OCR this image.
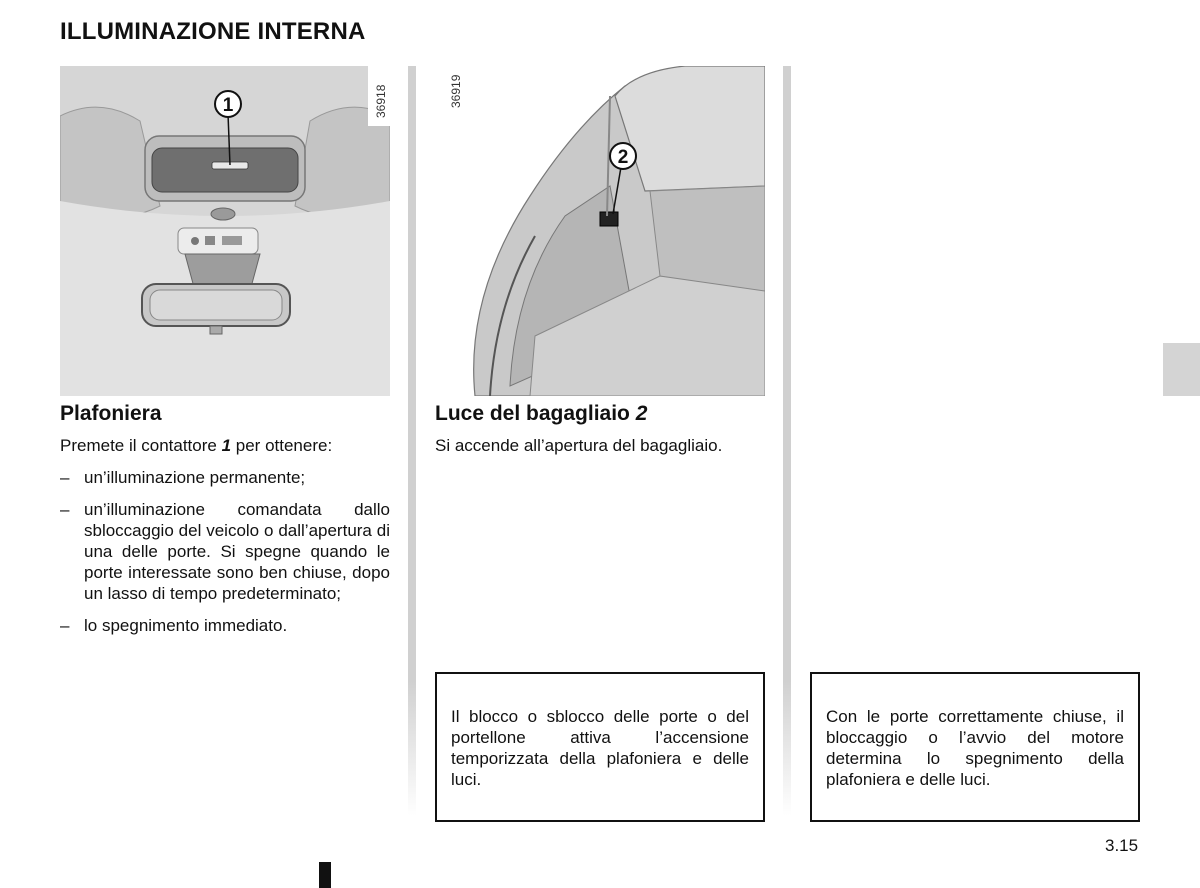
ILLUMINAZIONE INTERNA
36918
1	36919
2
Plafoniera

Premete il contattore 1 per ottenere:

– un’illuminazione permanente;
– un’illuminazione comandata dallo sbloccaggio del veicolo o dall’apertura di una delle porte. Si spegne quando le porte interessate sono ben chiuse, dopo un lasso di tempo predeterminato;
– lo spegnimento immediato.
Luce del bagagliaio 2
Si accende all’apertura del bagagliaio.
Il blocco o sblocco delle porte o del portellone attiva l’accensione temporizzata della plafoniera e delle luci.
Con le porte correttamente chiuse, il bloccaggio o l’avvio del motore determina lo spegnimento della plafoniera e delle luci.
3.15
